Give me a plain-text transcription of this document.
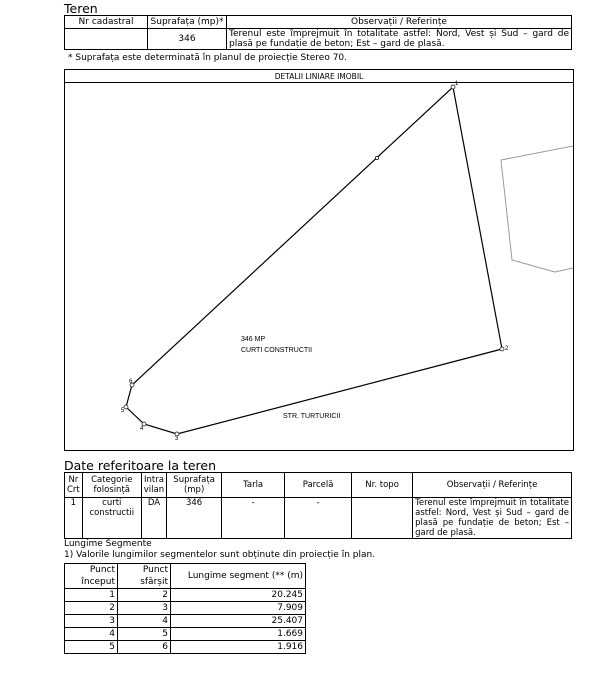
Teren
Nr cadastral	Suprafața (mp)*	Observații / Referințe
	346	Terenul este împrejmuit în totalitate astfel: Nord, Vest și Sud – gard de plasă pe fundație de beton; Est – gard de plasă.
* Suprafața este determinată în planul de proiecție Stereo 70.
DETALII LINIARE IMOBIL
1
2
3
4
5
6
346 MP
CURTI CONSTRUCTII
STR. TURTURICII
Date referitoare la teren
Nr Crt	Categorie folosință	Intra vilan	Suprafața (mp)	Tarla	Parcelă	Nr. topo	Observații / Referințe
1	curti constructii	DA	346	-	-		Terenul este împrejmuit în totalitate astfel: Nord, Vest și Sud – gard de plasă pe fundație de beton; Est – gard de plasă.
Lungime Segmente
1) Valorile lungimilor segmentelor sunt obținute din proiecție în plan.
Punct început	Punct sfârșit	Lungime segment (** (m)
1	2	20.245
2	3	7.909
3	4	25.407
4	5	1.669
5	6	1.916
